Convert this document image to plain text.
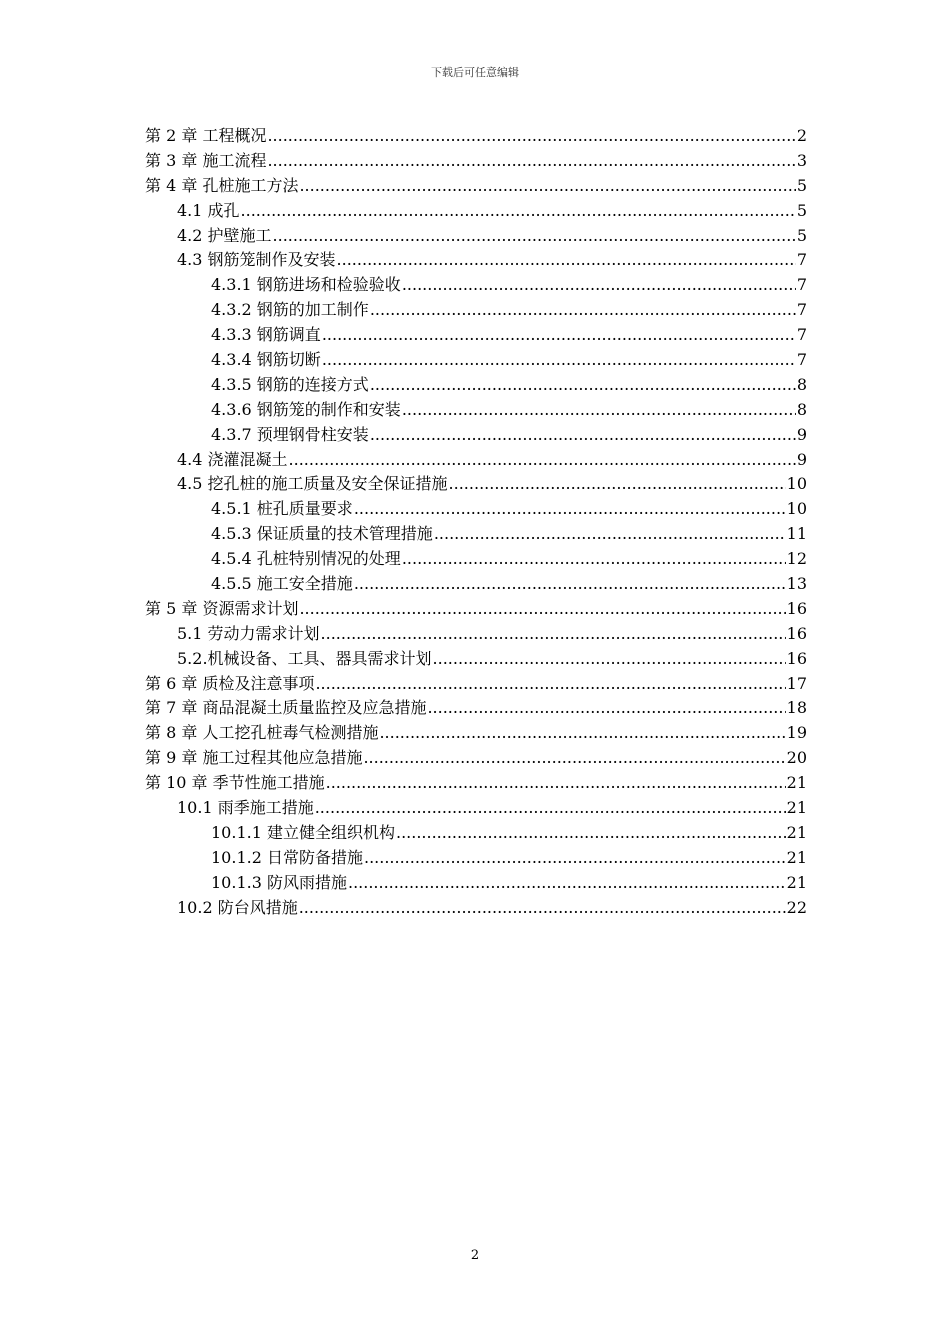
下载后可任意编辑
第 2 章 工程概况 .....	2
第 3 章 施工流程 .....	3
第 4 章 孔桩施工方法 .....	5
4.1 成孔 .....	5
4.2 护壁施工 .....	5
4.3 钢筋笼制作及安装 .....	7
4.3.1 钢筋进场和检验验收 .....	7
4.3.2 钢筋的加工制作 .....	7
4.3.3 钢筋调直 .....	7
4.3.4 钢筋切断 .....	7
4.3.5 钢筋的连接方式 .....	8
4.3.6 钢筋笼的制作和安装 .....	8
4.3.7 预埋钢骨柱安装 .....	9
4.4 浇灌混凝土 .....	9
4.5 挖孔桩的施工质量及安全保证措施 .....	10
4.5.1 桩孔质量要求 .....	10
4.5.3 保证质量的技术管理措施 .....	11
4.5.4 孔桩特别情况的处理 .....	12
4.5.5 施工安全措施 .....	13
第 5 章 资源需求计划 .....	16
5.1 劳动力需求计划 .....	16
5.2.机械设备、工具、器具需求计划 .....	16
第 6 章 质检及注意事项 .....	17
第 7 章 商品混凝土质量监控及应急措施 .....	18
第 8 章 人工挖孔桩毒气检测措施 .....	19
第 9 章 施工过程其他应急措施 .....	20
第 10 章 季节性施工措施 .....	21
10.1 雨季施工措施 .....	21
10.1.1 建立健全组织机构 .....	21
10.1.2 日常防备措施 .....	21
10.1.3 防风雨措施 .....	21
10.2 防台风措施 .....	22
2
